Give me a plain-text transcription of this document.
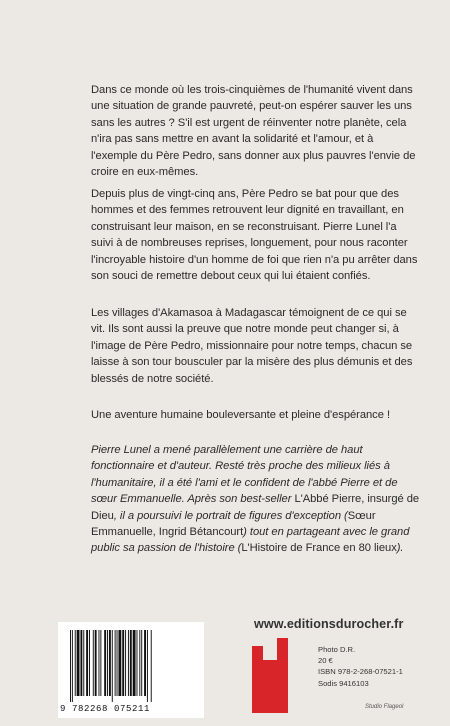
Dans ce monde où les trois-cinquièmes de l'humanité vivent dans une situation de grande pauvreté, peut-on espérer sauver les uns sans les autres ? S'il est urgent de réinventer notre planète, cela n'ira pas sans mettre en avant la solidarité et l'amour, et à l'exemple du Père Pedro, sans donner aux plus pauvres l'envie de croire en eux-mêmes.

Depuis plus de vingt-cinq ans, Père Pedro se bat pour que des hommes et des femmes retrouvent leur dignité en travaillant, en construisant leur maison, en se reconstruisant. Pierre Lunel l'a suivi à de nombreuses reprises, longuement, pour nous raconter l'incroyable histoire d'un homme de foi que rien n'a pu arrêter dans son souci de remettre debout ceux qui lui étaient confiés.

Les villages d'Akamasoa à Madagascar témoignent de ce qui se vit. Ils sont aussi la preuve que notre monde peut changer si, à l'image de Père Pedro, missionnaire pour notre temps, chacun se laisse à son tour bousculer par la misère des plus démunis et des blessés de notre société.

Une aventure humaine bouleversante et pleine d'espérance !

Pierre Lunel a mené parallèlement une carrière de haut fonctionnaire et d'auteur. Resté très proche des milieux liés à l'humanitaire, il a été l'ami et le confident de l'abbé Pierre et de sœur Emmanuelle. Après son best-seller L'Abbé Pierre, insurgé de Dieu, il a poursuivi le portrait de figures d'exception (Sœur Emmanuelle, Ingrid Bétancourt) tout en partageant avec le grand public sa passion de l'histoire (L'Histoire de France en 80 lieux).

www.editionsdurocher.fr
Photo D.R.
20 €
ISBN 978-2-268-07521-1
Sodis 9416103
Studio Flageol
9 782268 075211
